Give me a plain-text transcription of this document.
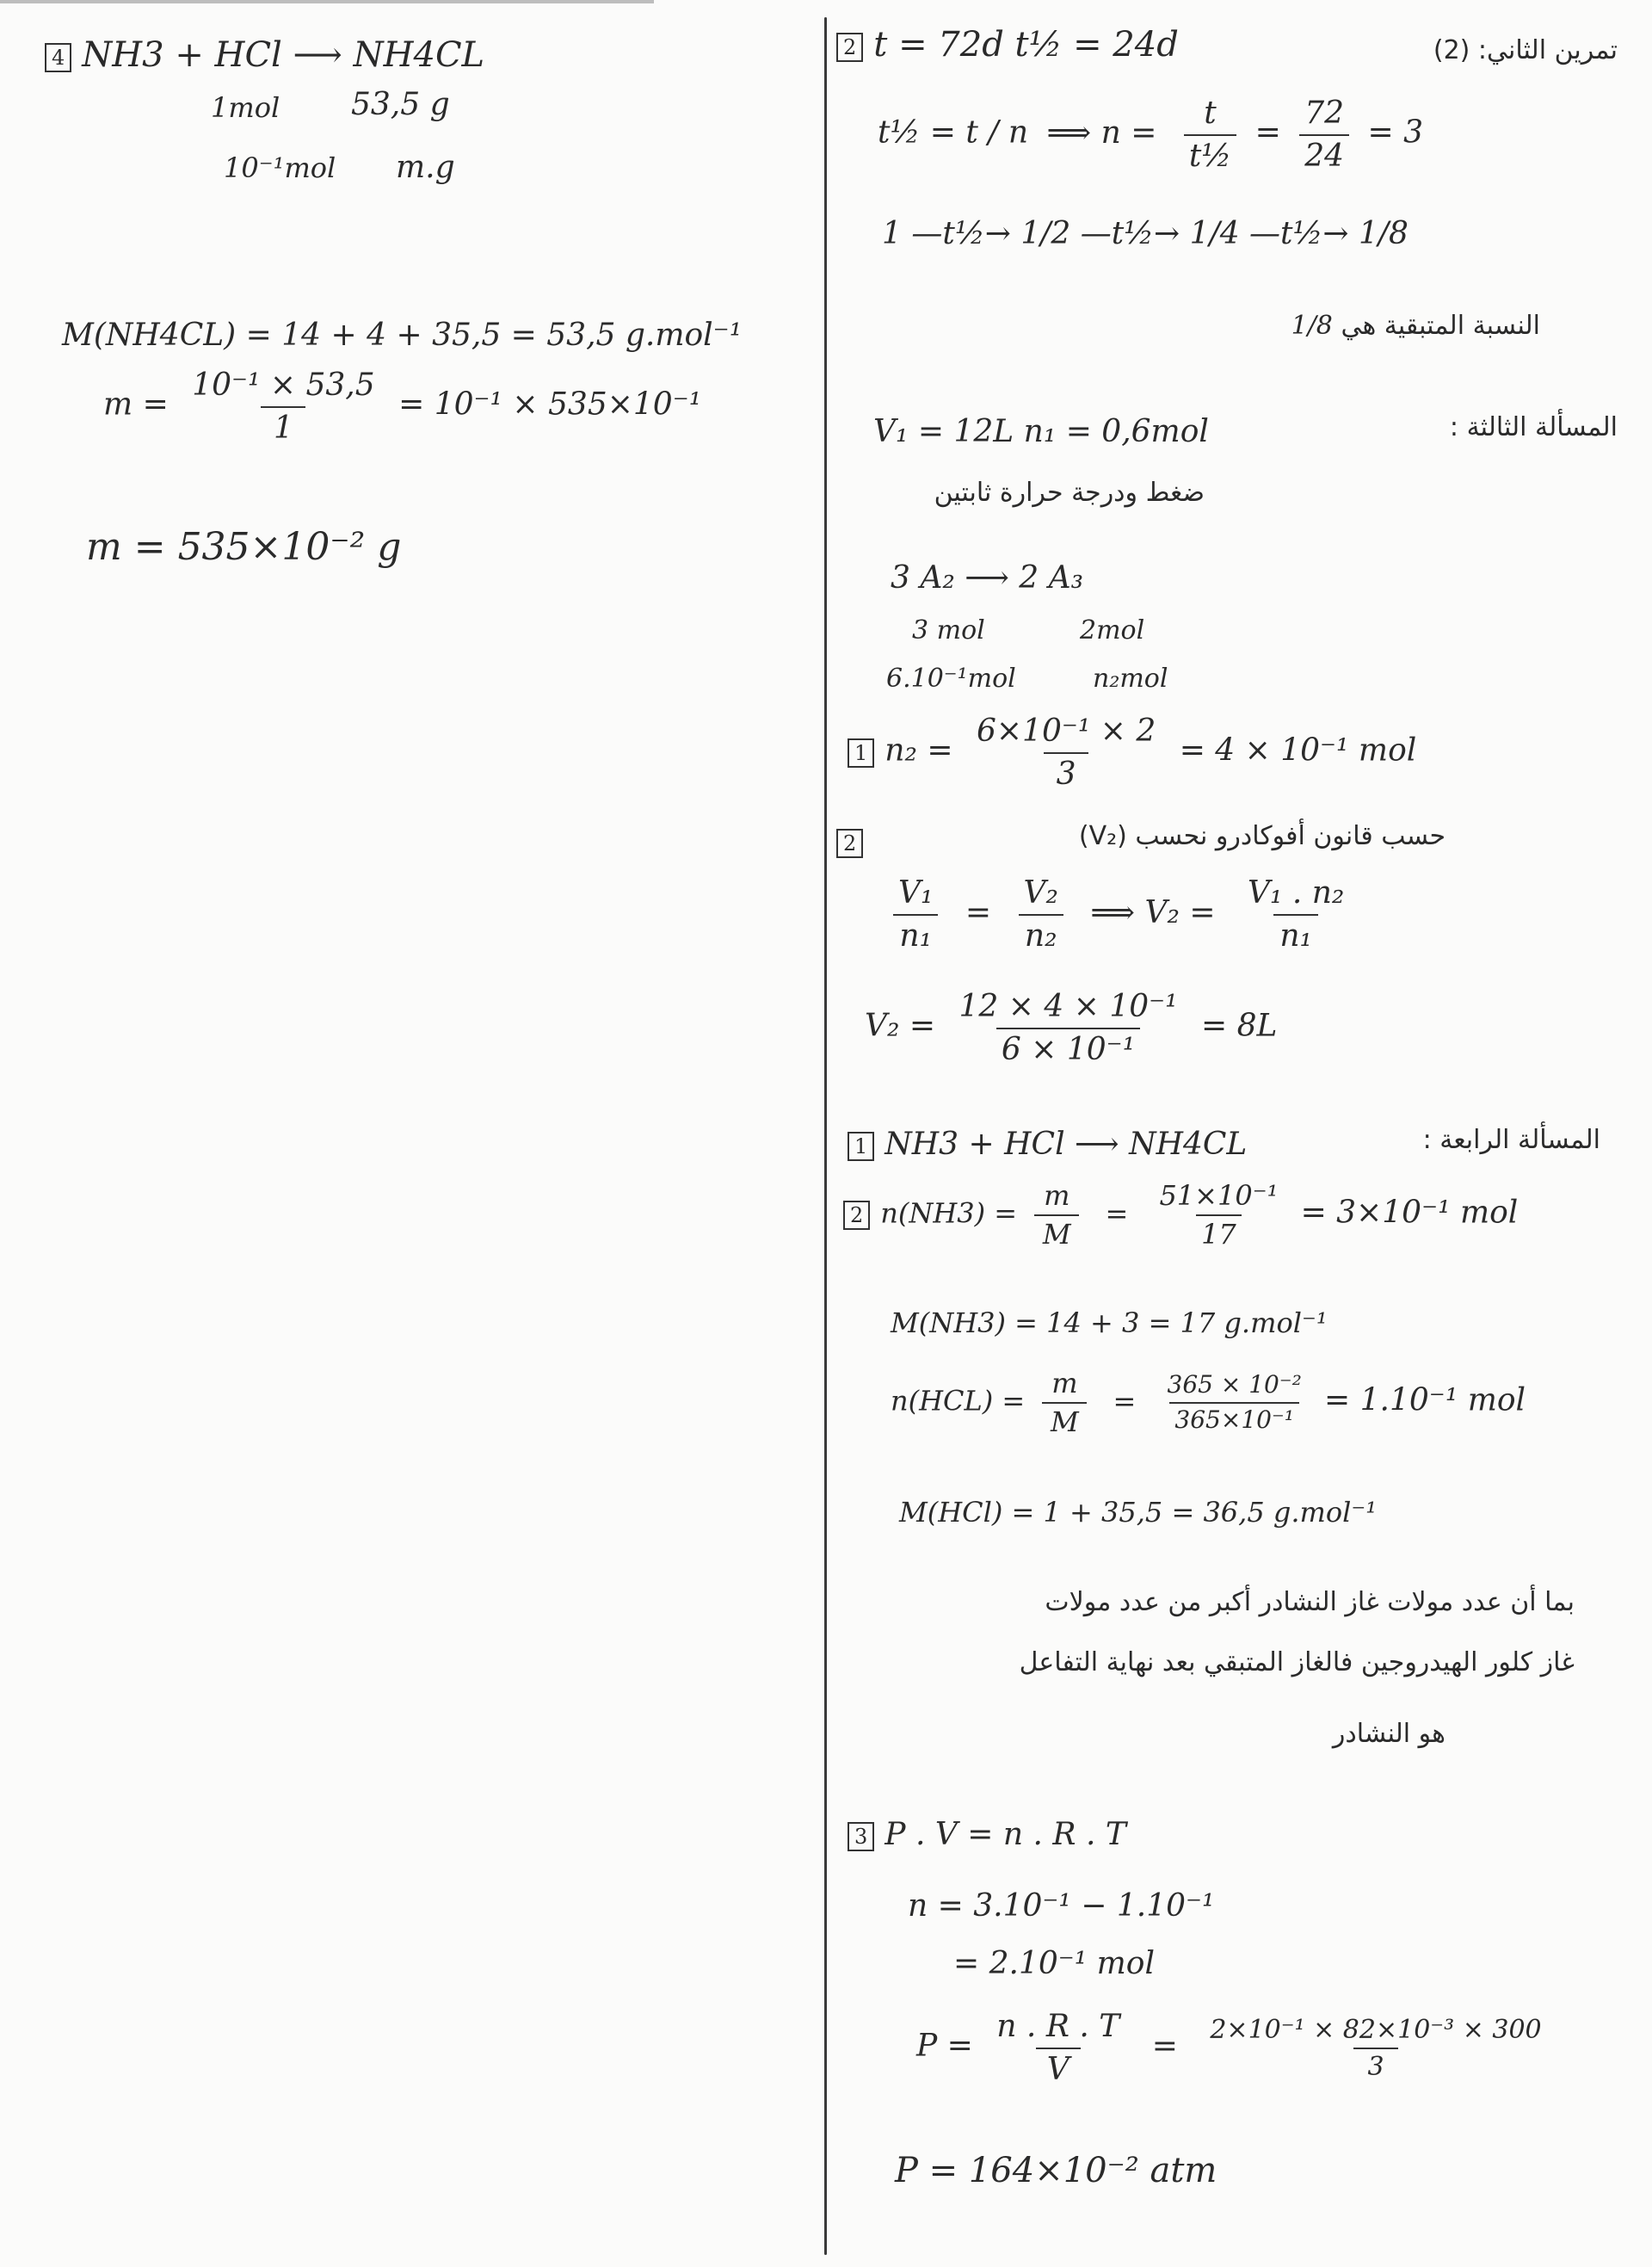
4 NH3 + HCl ⟶ NH4CL
1mol 53,5 g
10⁻¹mol m.g
M(NH4CL) = 14 + 4 + 35,5 = 53,5 g.mol⁻¹
$m = \frac{\text{10⁻¹ × 53,5}}{1} = 10^{-1} \times 535\times 10^{-1}$
m = 535×10⁻² g
تمرين الثاني: (2)
2 t = 72d t½ = 24d
t½ = t / n ⟹ $n = \frac{t}{\text{t½}} = \frac{72}{24} = 3$
1 —t½→ 1/2 —t½→ 1/4 —t½→ 1/8
النسبة المتبقية هي 1/8
المسألة الثالثة :
V₁ = 12L n₁ = 0,6mol
ضغط ودرجة حرارة ثابتين
3 A₂ ⟶ 2 A₃
3 mol	2mol
6.10⁻¹mol	n₂mol
1 $n_2 = \frac{\text{6×10⁻¹ × 2}}{3} = 4 \times 10^{-1}$ mol
2	حسب قانون أفوكادرو نحسب (V₂)
$\frac{\text{V₁}}{\text{n₁}} = \frac{\text{V₂}}{\text{n₂}}$ ⟹ $V_2 = \frac{\text{V₁ . n₂}}{\text{n₁}}$
$V_2 = \frac{\text{12 × 4 × 10⁻¹}}{\text{6 × 10⁻¹}} = 8L$
المسألة الرابعة :
1 NH3 + HCl ⟶ NH4CL
2 $n(NH3) = \frac{m}{M} = \frac{\text{51×10⁻¹}}{17} = 3\times 10^{-1}$ mol
M(NH3) = 14 + 3 = 17 g.mol⁻¹
$n(HCL) = \frac{m}{M} = \frac{\text{365 × 10⁻²}}{\text{365×10⁻¹}} = 1.10^{-1}$ mol
M(HCl) = 1 + 35,5 = 36,5 g.mol⁻¹
بما أن عدد مولات غاز النشادر أكبر من عدد مولات
غاز كلور الهيدروجين فالغاز المتبقي بعد نهاية التفاعل
هو النشادر
3 P . V = n . R . T
n = 3.10⁻¹ − 1.10⁻¹
= 2.10⁻¹ mol
$P = \frac{n . R . T}{V} = \frac{\text{2×10⁻¹ × 82×10⁻³ × 300}}{3}$
P = 164×10⁻² atm
